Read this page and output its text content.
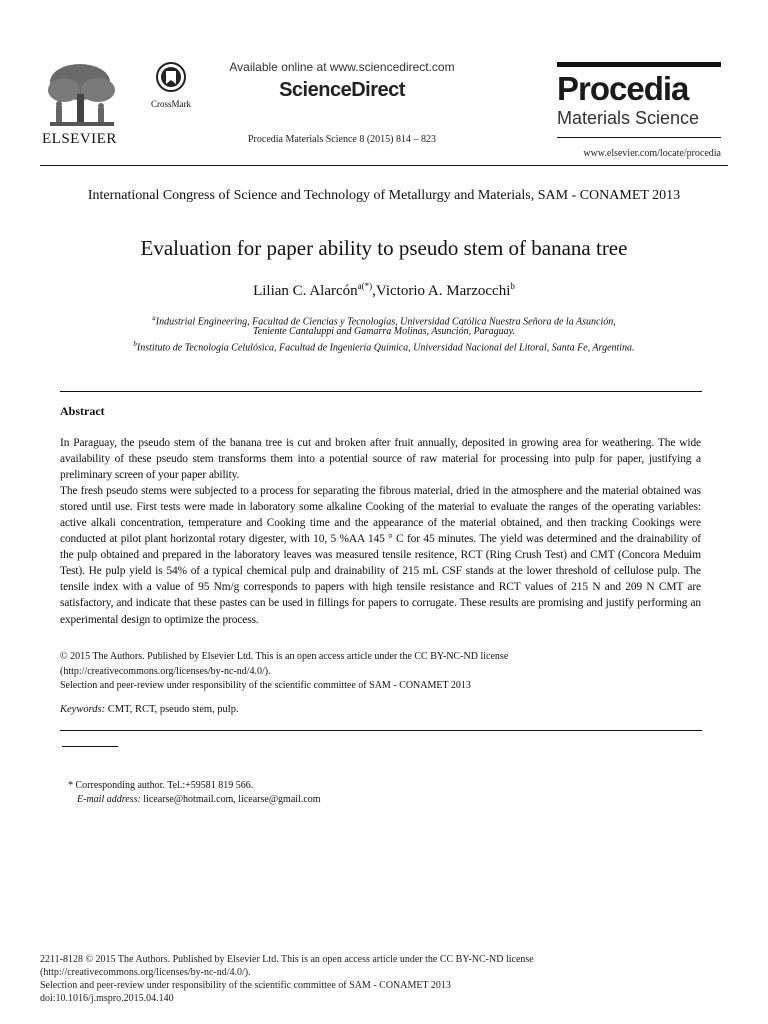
ELSEVIER
CrossMark
Available online at www.sciencedirect.com
ScienceDirect
Procedia Materials Science 8 (2015) 814 – 823
Procedia
Materials Science
www.elsevier.com/locate/procedia
International Congress of Science and Technology of Metallurgy and Materials, SAM - CONAMET 2013
Evaluation for paper ability to pseudo stem of banana tree
Lilian C. Alarcón$^{a(*)}$,Victorio A. Marzocchi$^b$
$^a$Industrial Engineering, Facultad de Ciencias y Tecnologías, Universidad Católica Nuestra Señora de la Asunción,
Teniente Cantaluppi and Gamarra Molinas, Asunción, Paraguay.
$^b$Instituto de Tecnología Celulósica, Facultad de Ingeniería Química, Universidad Nacional del Litoral, Santa Fe, Argentina.
Abstract

In Paraguay, the pseudo stem of the banana tree is cut and broken after fruit annually, deposited in growing area for weathering. The wide availability of these pseudo stem transforms them into a potential source of raw material for processing into pulp for paper, justifying a preliminary screen of your paper ability.

The fresh pseudo stems were subjected to a process for separating the fibrous material, dried in the atmosphere and the material obtained was stored until use. First tests were made in laboratory some alkaline Cooking of the material to evaluate the ranges of the operating variables: active alkali concentration, temperature and Cooking time and the appearance of the material obtained, and then tracking Cookings were conducted at pilot plant horizontal rotary digester, with 10, 5 %AA 145 ° C for 45 minutes. The yield was determined and the drainability of the pulp obtained and prepared in the laboratory leaves was measured tensile resitence, RCT (Ring Crush Test) and CMT (Concora Meduim Test). He pulp yield is 54% of a typical chemical pulp and drainability of 215 mL CSF stands at the lower threshold of cellulose pulp. The tensile index with a value of 95 Nm/g corresponds to papers with high tensile resistance and RCT values of 215 N and 209 N CMT are satisfactory, and indicate that these pastes can be used in fillings for papers to corrugate. These results are promising and justify performing an experimental design to optimize the process.

© 2015 The Authors. Published by Elsevier Ltd. This is an open access article under the CC BY-NC-ND license
(http://creativecommons.org/licenses/by-nc-nd/4.0/).
Selection and peer-review under responsibility of the scientific committee of SAM - CONAMET 2013
Keywords: CMT, RCT, pseudo stem, pulp.
* Corresponding author. Tel.:+59581 819 566.
E-mail address: licearse@hotmail.com, licearse@gmail.com
2211-8128 © 2015 The Authors. Published by Elsevier Ltd. This is an open access article under the CC BY-NC-ND license
(http://creativecommons.org/licenses/by-nc-nd/4.0/).
Selection and peer-review under responsibility of the scientific committee of SAM - CONAMET 2013
doi:10.1016/j.mspro.2015.04.140
